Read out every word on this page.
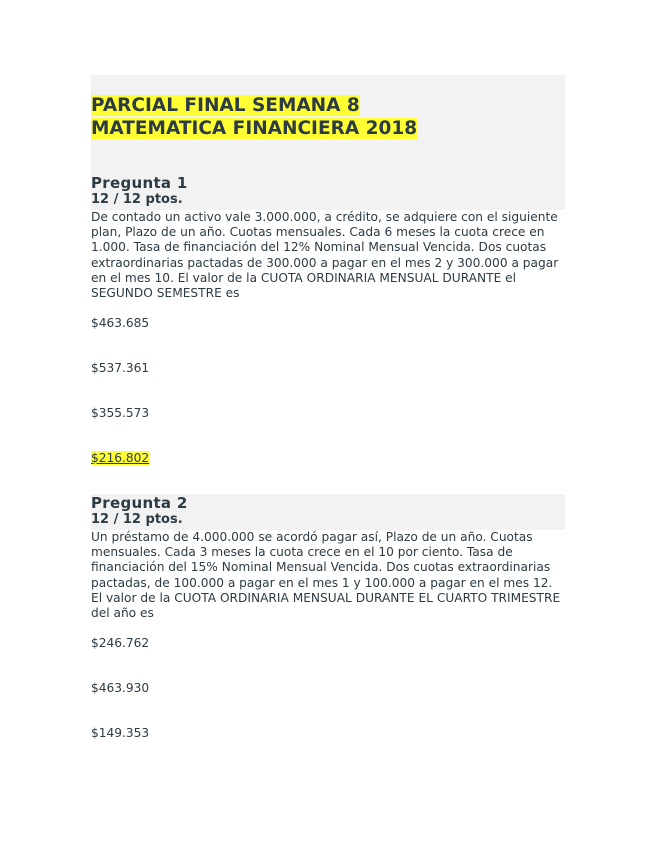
PARCIAL FINAL SEMANA 8
MATEMATICA FINANCIERA 2018
Pregunta 1
12 / 12 ptos.
De contado un activo vale 3.000.000, a crédito, se adquiere con el siguiente plan, Plazo de un año. Cuotas mensuales. Cada 6 meses la cuota crece en 1.000. Tasa de financiación del 12% Nominal Mensual Vencida. Dos cuotas extraordinarias pactadas de 300.000 a pagar en el mes 2 y 300.000 a pagar en el mes 10. El valor de la CUOTA ORDINARIA MENSUAL DURANTE el SEGUNDO SEMESTRE es
$463.685
$537.361
$355.573
$216.802
Pregunta 2
12 / 12 ptos.
Un préstamo de 4.000.000 se acordó pagar así, Plazo de un año. Cuotas mensuales. Cada 3 meses la cuota crece en el 10 por ciento. Tasa de financiación del 15% Nominal Mensual Vencida. Dos cuotas extraordinarias pactadas, de 100.000 a pagar en el mes 1 y 100.000 a pagar en el mes 12. El valor de la CUOTA ORDINARIA MENSUAL DURANTE EL CUARTO TRIMESTRE del año es
$246.762
$463.930
$149.353
